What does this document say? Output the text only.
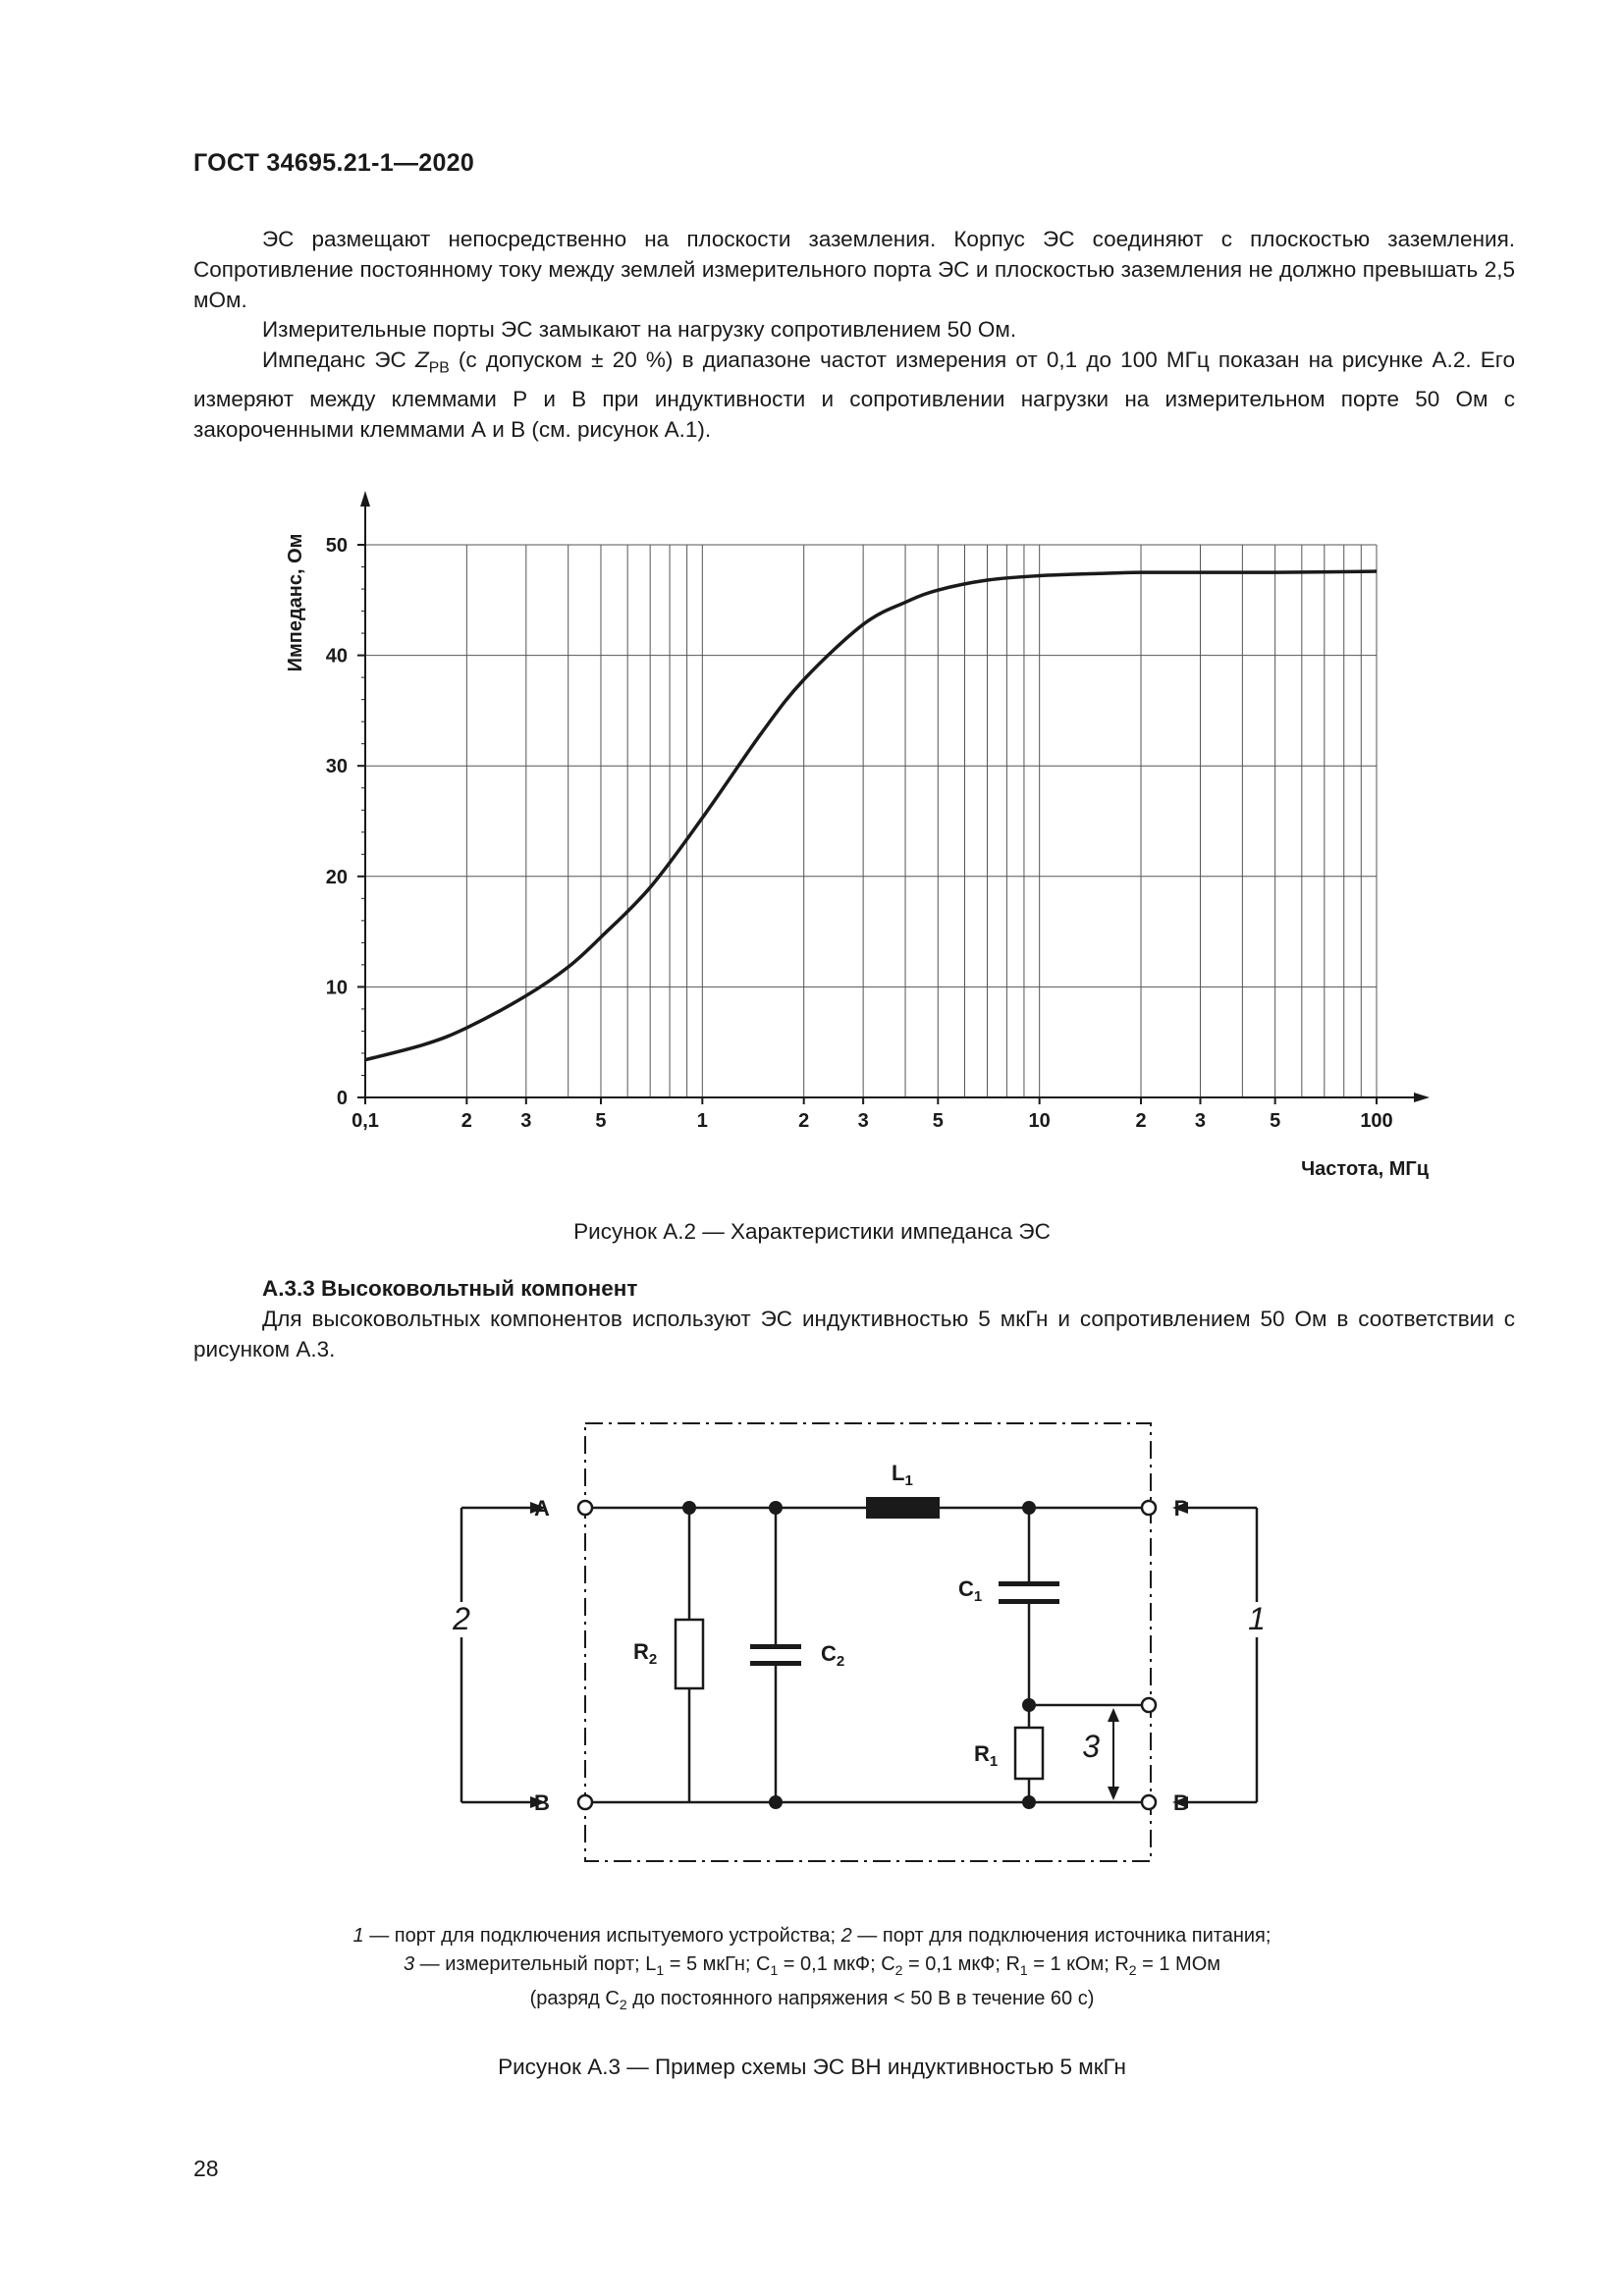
ГОСТ 34695.21-1—2020
ЭС размещают непосредственно на плоскости заземления. Корпус ЭС соединяют с плоскостью заземления. Сопротивление постоянному току между землей измерительного порта ЭС и плоскостью заземления не должно превышать 2,5 мОм.
Измерительные порты ЭС замыкают на нагрузку сопротивлением 50 Ом.
Импеданс ЭС $Z_{PB}$ (с допуском ± 20 %) в диапазоне частот измерения от 0,1 до 100 МГц показан на рисунке А.2. Его измеряют между клеммами Р и В при индуктивности и сопротивлении нагрузки на измерительном порте 50 Ом с закороченными клеммами А и В (см. рисунок А.1).
0
10
20
30
40
50
0,1	2 3	5	1	2 3	5	10	2 3	5	100
Импеданс, Ом
Частота, МГц
Рисунок А.2 — Характеристики импеданса ЭС
А.3.3 Высоковольтный компонент
Для высоковольтных компонентов используют ЭС индуктивностью 5 мкГн и сопротивлением 50 Ом в соответствии с рисунком А.3.
A
B
P
B
$L_1$
$C_1$
$C_2$
$R_1$
$R_2$
2	1
3
1 — порт для подключения испытуемого устройства; 2 — порт для подключения источника питания;
3 — измерительный порт; $L_1 = 5$ мкГн; $С_1 = 0,1$ мкФ; $С_2 = 0,1$ мкФ; $R_1 = 1$ кОм; $R_2 = 1$ МОм
(разряд $С_2$ до постоянного напряжения < 50 В в течение 60 с)
Рисунок А.3 — Пример схемы ЭС ВН индуктивностью 5 мкГн
28
